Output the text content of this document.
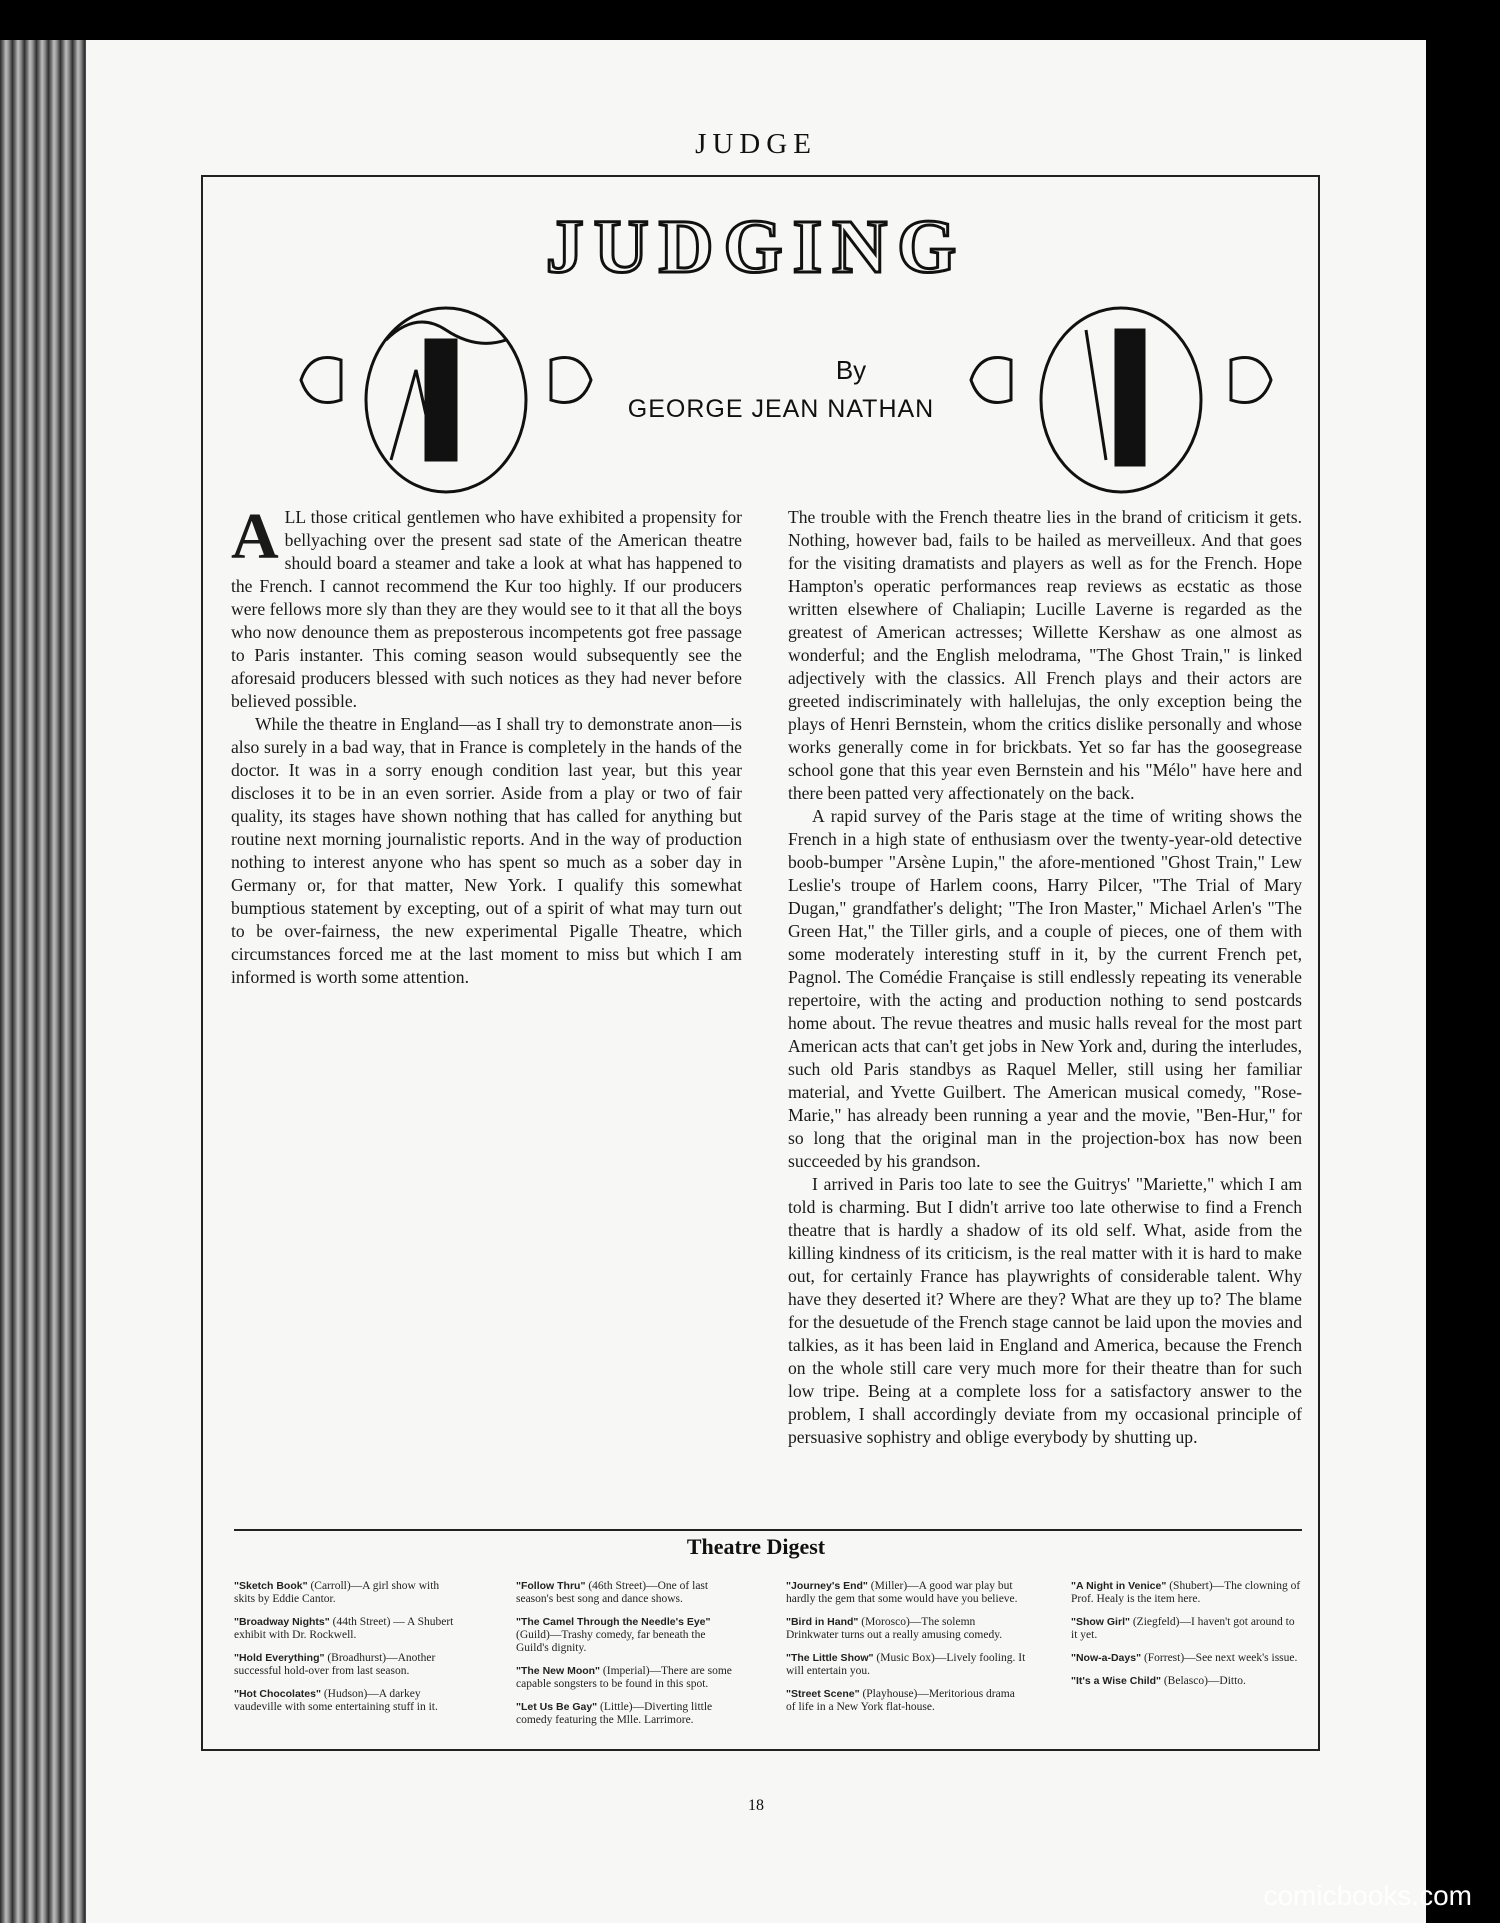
JUDGE
JUDGING
By
GEORGE JEAN NATHAN

ALL those critical gentlemen who have exhibited a propensity for bellyaching over the present sad state of the American theatre should board a steamer and take a look at what has happened to the French. I cannot recommend the Kur too highly. If our producers were fellows more sly than they are they would see to it that all the boys who now denounce them as preposterous incompetents got free passage to Paris instanter. This coming season would subsequently see the aforesaid producers blessed with such notices as they had never before believed possible.

While the theatre in England—as I shall try to demonstrate anon—is also surely in a bad way, that in France is completely in the hands of the doctor. It was in a sorry enough condition last year, but this year discloses it to be in an even sorrier. Aside from a play or two of fair quality, its stages have shown nothing that has called for anything but routine next morning journalistic reports. And in the way of production nothing to interest anyone who has spent so much as a sober day in Germany or, for that matter, New York. I qualify this somewhat bumptious statement by excepting, out of a spirit of what may turn out to be over-fairness, the new experimental Pigalle Theatre, which circumstances forced me at the last moment to miss but which I am informed is worth some attention.

The trouble with the French theatre lies in the brand of criticism it gets. Nothing, however bad, fails to be hailed as merveilleux. And that goes for the visiting dramatists and players as well as for the French. Hope Hampton's operatic performances reap reviews as ecstatic as those written elsewhere of Chaliapin; Lucille Laverne is regarded as the greatest of American actresses; Willette Kershaw as one almost as wonderful; and the English melodrama, "The Ghost Train," is linked adjectively with the classics. All French plays and their actors are greeted indiscriminately with hallelujas, the only exception being the plays of Henri Bernstein, whom the critics dislike personally and whose works generally come in for brickbats. Yet so far has the goosegrease school gone that this year even Bernstein and his "Mélo" have here and there been patted very affectionately on the back.

A rapid survey of the Paris stage at the time of writing shows the French in a high state of enthusiasm over the twenty-year-old detective boob-bumper "Arsène Lupin," the afore-mentioned "Ghost Train," Lew Leslie's troupe of Harlem coons, Harry Pilcer, "The Trial of Mary Dugan," grandfather's delight; "The Iron Master," Michael Arlen's "The Green Hat," the Tiller girls, and a couple of pieces, one of them with some moderately interesting stuff in it, by the current French pet, Pagnol. The Comédie Française is still endlessly repeating its venerable repertoire, with the acting and production nothing to send postcards home about. The revue theatres and music halls reveal for the most part American acts that can't get jobs in New York and, during the interludes, such old Paris standbys as Raquel Meller, still using her familiar material, and Yvette Guilbert. The American musical comedy, "Rose-Marie," has already been running a year and the movie, "Ben-Hur," for so long that the original man in the projection-box has now been succeeded by his grandson.

I arrived in Paris too late to see the Guitrys' "Mariette," which I am told is charming. But I didn't arrive too late otherwise to find a French theatre that is hardly a shadow of its old self. What, aside from the killing kindness of its criticism, is the real matter with it is hard to make out, for certainly France has playwrights of considerable talent. Why have they deserted it? Where are they? What are they up to? The blame for the desuetude of the French stage cannot be laid upon the movies and talkies, as it has been laid in England and America, because the French on the whole still care very much more for their theatre than for such low tripe. Being at a complete loss for a satisfactory answer to the problem, I shall accordingly deviate from my occasional principle of persuasive sophistry and oblige everybody by shutting up.

Theatre Digest
"Sketch Book" (Carroll)—A girl show with skits by Eddie Cantor.
"Broadway Nights" (44th Street) — A Shubert exhibit with Dr. Rockwell.
"Hold Everything" (Broadhurst)—Another successful hold-over from last season.
"Hot Chocolates" (Hudson)—A darkey vaudeville with some entertaining stuff in it.
"Follow Thru" (46th Street)—One of last season's best song and dance shows.
"The Camel Through the Needle's Eye" (Guild)—Trashy comedy, far beneath the Guild's dignity.
"The New Moon" (Imperial)—There are some capable songsters to be found in this spot.
"Let Us Be Gay" (Little)—Diverting little comedy featuring the Mlle. Larrimore.
"Journey's End" (Miller)—A good war play but hardly the gem that some would have you believe.
"Bird in Hand" (Morosco)—The solemn Drinkwater turns out a really amusing comedy.
"The Little Show" (Music Box)—Lively fooling. It will entertain you.
"Street Scene" (Playhouse)—Meritorious drama of life in a New York flat-house.
"A Night in Venice" (Shubert)—The clowning of Prof. Healy is the item here.
"Show Girl" (Ziegfeld)—I haven't got around to it yet.
"Now-a-Days" (Forrest)—See next week's issue.
"It's a Wise Child" (Belasco)—Ditto.
18
comicbooks.com
